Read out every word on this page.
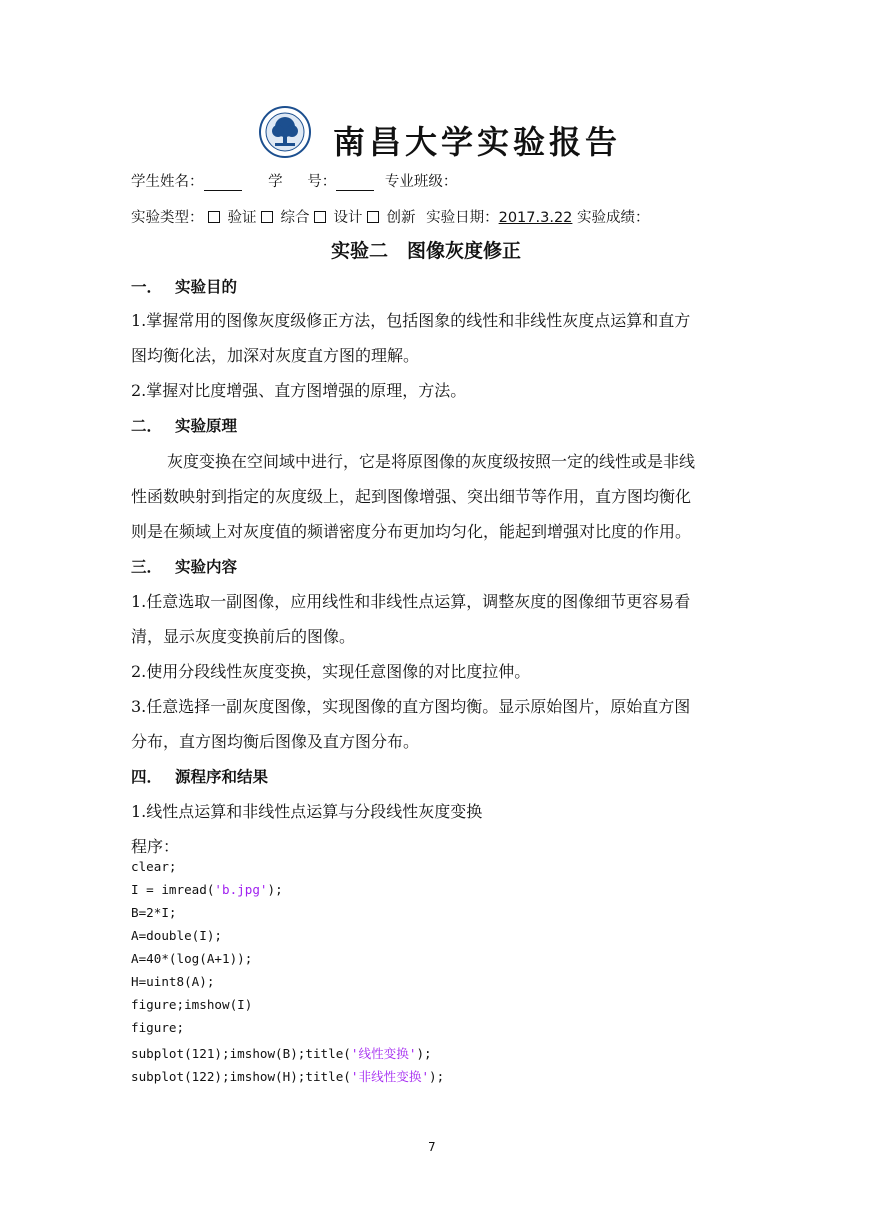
南昌大学实验报告
学生姓名：	学 号：	专业班级：
实验类型： 验证 综合 设计 创新 实验日期：2017.3.22 实验成绩：
实验二　图像灰度修正
一． 实验目的
1.掌握常用的图像灰度级修正方法，包括图象的线性和非线性灰度点运算和直方
图均衡化法，加深对灰度直方图的理解。
2.掌握对比度增强、直方图增强的原理，方法。
二． 实验原理
灰度变换在空间域中进行，它是将原图像的灰度级按照一定的线性或是非线
性函数映射到指定的灰度级上，起到图像增强、突出细节等作用，直方图均衡化
则是在频域上对灰度值的频谱密度分布更加均匀化，能起到增强对比度的作用。
三． 实验内容
1.任意选取一副图像，应用线性和非线性点运算，调整灰度的图像细节更容易看
清，显示灰度变换前后的图像。
2.使用分段线性灰度变换，实现任意图像的对比度拉伸。
3.任意选择一副灰度图像，实现图像的直方图均衡。显示原始图片，原始直方图
分布，直方图均衡后图像及直方图分布。
四． 源程序和结果
1.线性点运算和非线性点运算与分段线性灰度变换
程序：
clear;
I = imread('b.jpg');
B=2*I;
A=double(I);
A=40*(log(A+1));
H=uint8(A);
figure;imshow(I)
figure;
subplot(121);imshow(B);title('线性变换');
subplot(122);imshow(H);title('非线性变换');
7
